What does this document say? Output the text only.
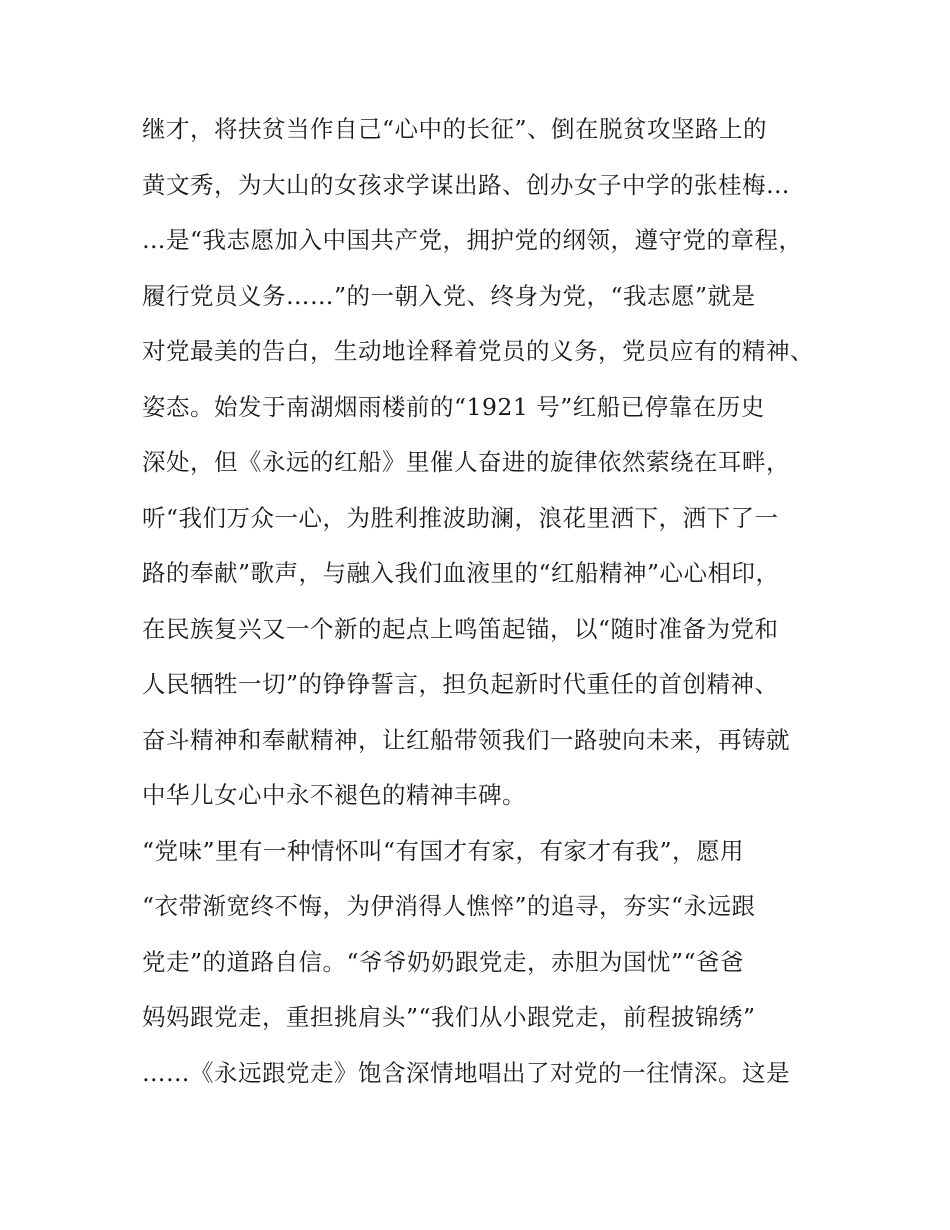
继才，将扶贫当作自己“心中的长征”、倒在脱贫攻坚路上的
黄文秀，为大山的女孩求学谋出路、创办女子中学的张桂梅…
…是“我志愿加入中国共产党，拥护党的纲领，遵守党的章程，
履行党员义务……”的一朝入党、终身为党，“我志愿”就是
对党最美的告白，生动地诠释着党员的义务，党员应有的精神、
姿态。始发于南湖烟雨楼前的“1921 号”红船已停靠在历史
深处，但《永远的红船》里催人奋进的旋律依然萦绕在耳畔，
听“我们万众一心，为胜利推波助澜，浪花里洒下，洒下了一
路的奉献”歌声，与融入我们血液里的“红船精神”心心相印，
在民族复兴又一个新的起点上鸣笛起锚，以“随时准备为党和
人民牺牲一切”的铮铮誓言，担负起新时代重任的首创精神、
奋斗精神和奉献精神，让红船带领我们一路驶向未来，再铸就
中华儿女心中永不褪色的精神丰碑。
“党味”里有一种情怀叫“有国才有家，有家才有我”，愿用
“衣带渐宽终不悔，为伊消得人憔悴”的追寻，夯实“永远跟
党走”的道路自信。“爷爷奶奶跟党走，赤胆为国忧”“爸爸
妈妈跟党走，重担挑肩头”“我们从小跟党走，前程披锦绣”
……《永远跟党走》饱含深情地唱出了对党的一往情深。这是
